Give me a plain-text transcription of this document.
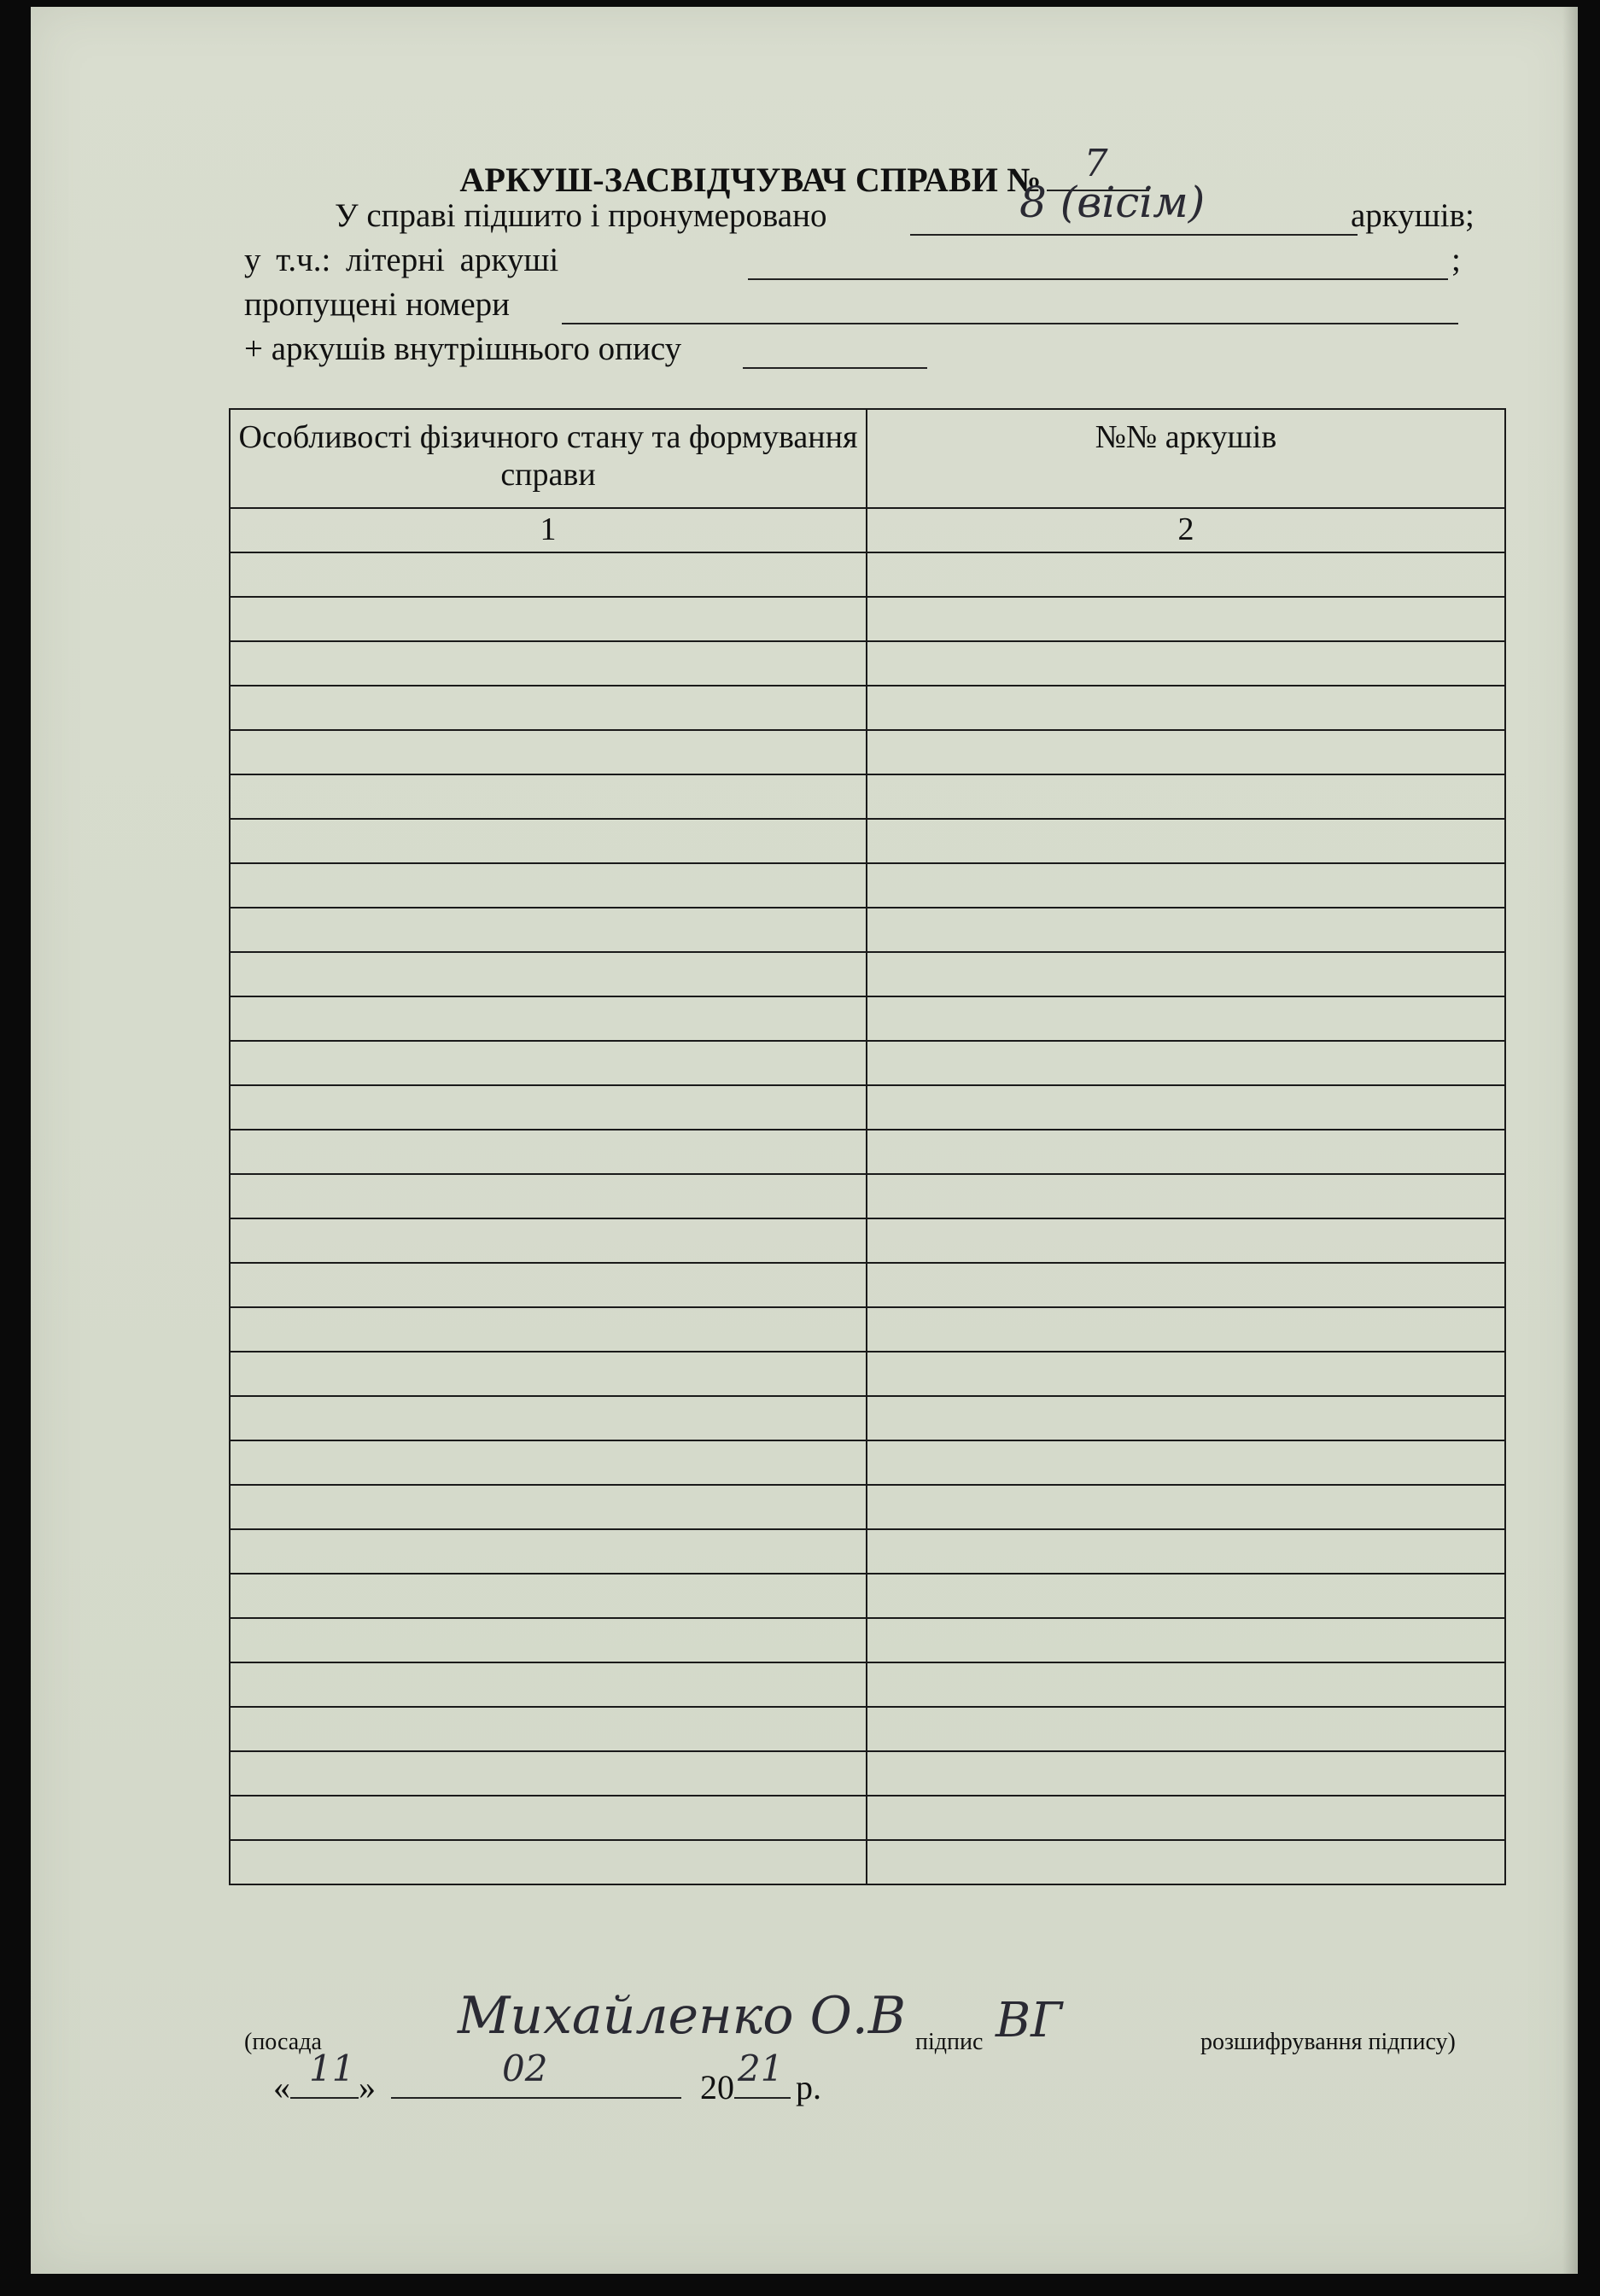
АРКУШ-ЗАСВІДЧУВАЧ СПРАВИ № 7
У справі підшито і пронумеровано	8 (вісім)	аркушів;
у т.ч.: літерні аркуші	;
пропущені номери
+ аркушів внутрішнього опису
Особливості фізичного стану та формування справи	№№ аркушів
1	2

(посада	Михайленко О.В підпис ВГ	розшифрування підпису)
« 11 »	02	20 21 р.
